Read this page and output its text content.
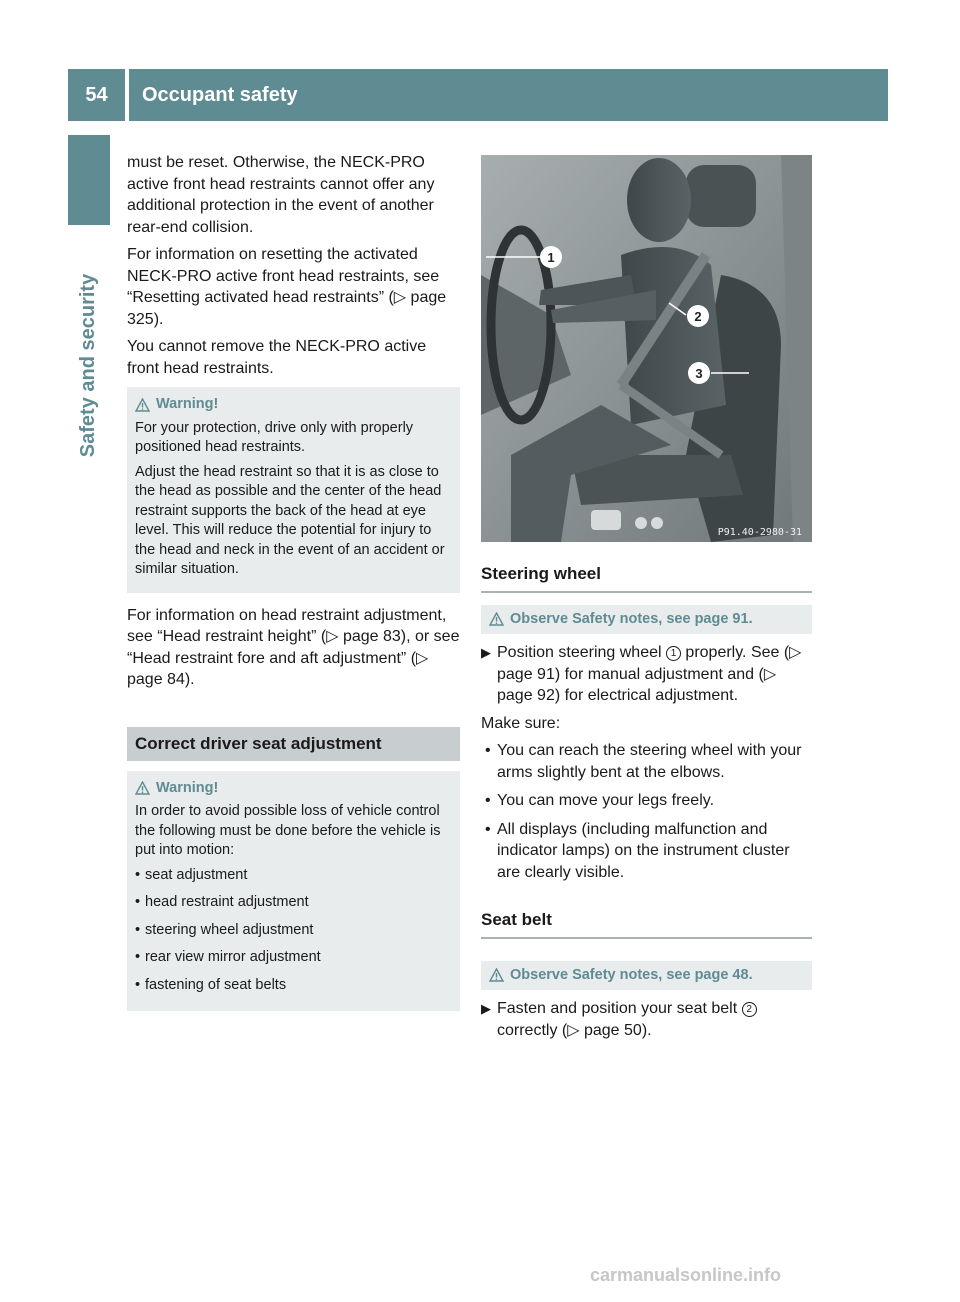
54	Occupant safety
Safety and security

must be reset. Otherwise, the NECK-PRO active front head restraints cannot offer any additional protection in the event of another rear-end collision.

For information on resetting the activated NECK-PRO active front head restraints, see “Resetting activated head restraints” (▷ page 325).

You cannot remove the NECK-PRO active front head restraints.

Warning!

For your protection, drive only with properly positioned head restraints.

Adjust the head restraint so that it is as close to the head as possible and the center of the head restraint supports the back of the head at eye level. This will reduce the potential for injury to the head and neck in the event of an accident or similar situation.

For information on head restraint adjustment, see “Head restraint height” (▷ page 83), or see “Head restraint fore and aft adjustment” (▷ page 84).

Correct driver seat adjustment
Warning!

In order to avoid possible loss of vehicle control the following must be done before the vehicle is put into motion:

• seat adjustment
• head restraint adjustment
• steering wheel adjustment
• rear view mirror adjustment
• fastening of seat belts
1
2
3
P91.40-2980-31
Steering wheel
Observe Safety notes, see page 91.
▶ Position steering wheel 1 properly. See (▷ page 91) for manual adjustment and (▷ page 92) for electrical adjustment.

Make sure:

• You can reach the steering wheel with your arms slightly bent at the elbows.
• You can move your legs freely.
• All displays (including malfunction and indicator lamps) on the instrument cluster are clearly visible.
Seat belt
Observe Safety notes, see page 48.
▶ Fasten and position your seat belt 2 correctly (▷ page 50).
carmanualsonline.info
